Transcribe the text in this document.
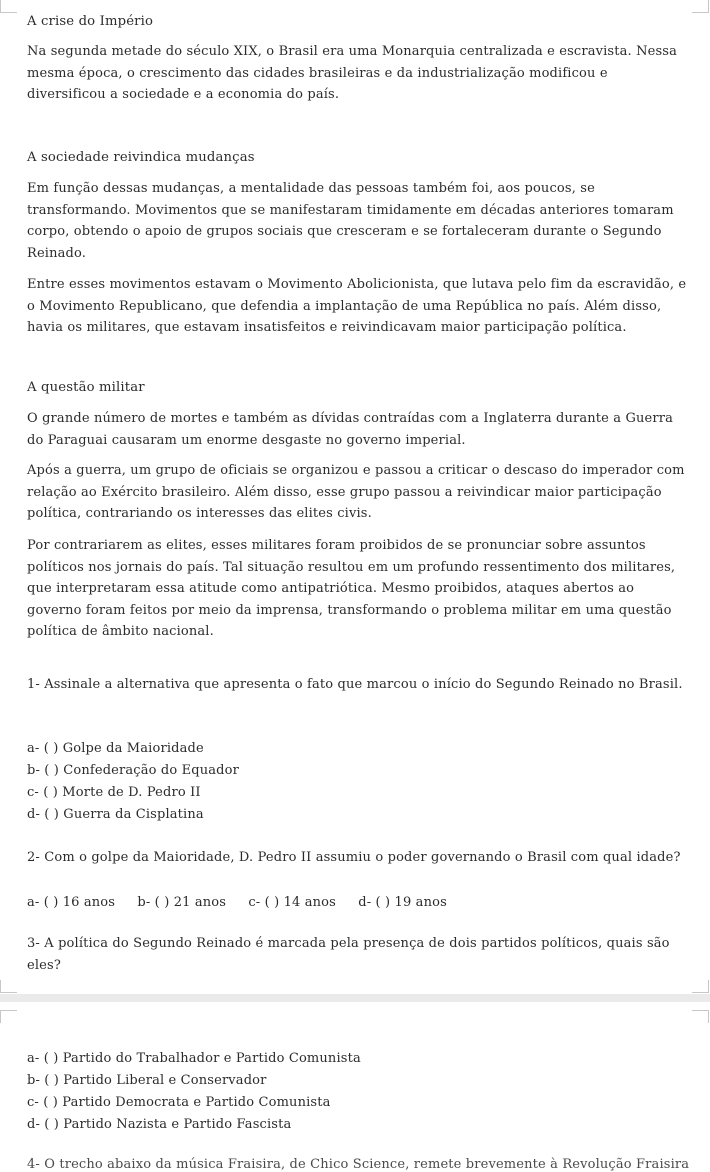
A crise do Império

Na segunda metade do século XIX, o Brasil era uma Monarquia centralizada e escravista. Nessa mesma época, o crescimento das cidades brasileiras e da industrialização modificou e diversificou a sociedade e a economia do país.

A sociedade reivindica mudanças

Em função dessas mudanças, a mentalidade das pessoas também foi, aos poucos, se transformando. Movimentos que se manifestaram timidamente em décadas anteriores tomaram corpo, obtendo o apoio de grupos sociais que cresceram e se fortaleceram durante o Segundo Reinado.

Entre esses movimentos estavam o Movimento Abolicionista, que lutava pelo fim da escravidão, e o Movimento Republicano, que defendia a implantação de uma República no país. Além disso, havia os militares, que estavam insatisfeitos e reivindicavam maior participação política.

A questão militar

O grande número de mortes e também as dívidas contraídas com a Inglaterra durante a Guerra do Paraguai causaram um enorme desgaste no governo imperial.

Após a guerra, um grupo de oficiais se organizou e passou a criticar o descaso do imperador com relação ao Exército brasileiro. Além disso, esse grupo passou a reivindicar maior participação política, contrariando os interesses das elites civis.

Por contrariarem as elites, esses militares foram proibidos de se pronunciar sobre assuntos políticos nos jornais do país. Tal situação resultou em um profundo ressentimento dos militares, que interpretaram essa atitude como antipatriótica. Mesmo proibidos, ataques abertos ao governo foram feitos por meio da imprensa, transformando o problema militar em uma questão política de âmbito nacional.

1- Assinale a alternativa que apresenta o fato que marcou o início do Segundo Reinado no Brasil.

a- ( ) Golpe da Maioridade

b- ( ) Confederação do Equador

c- ( ) Morte de D. Pedro II

d- ( ) Guerra da Cisplatina

2- Com o golpe da Maioridade, D. Pedro II assumiu o poder governando o Brasil com qual idade?

a- ( ) 16 anos b- ( ) 21 anos c- ( ) 14 anos d- ( ) 19 anos

3- A política do Segundo Reinado é marcada pela presença de dois partidos políticos, quais são eles?

a- ( ) Partido do Trabalhador e Partido Comunista

b- ( ) Partido Liberal e Conservador

c- ( ) Partido Democrata e Partido Comunista

d- ( ) Partido Nazista e Partido Fascista

4- O trecho abaixo da música Fraisira, de Chico Science, remete brevemente à Revolução Fraisira
